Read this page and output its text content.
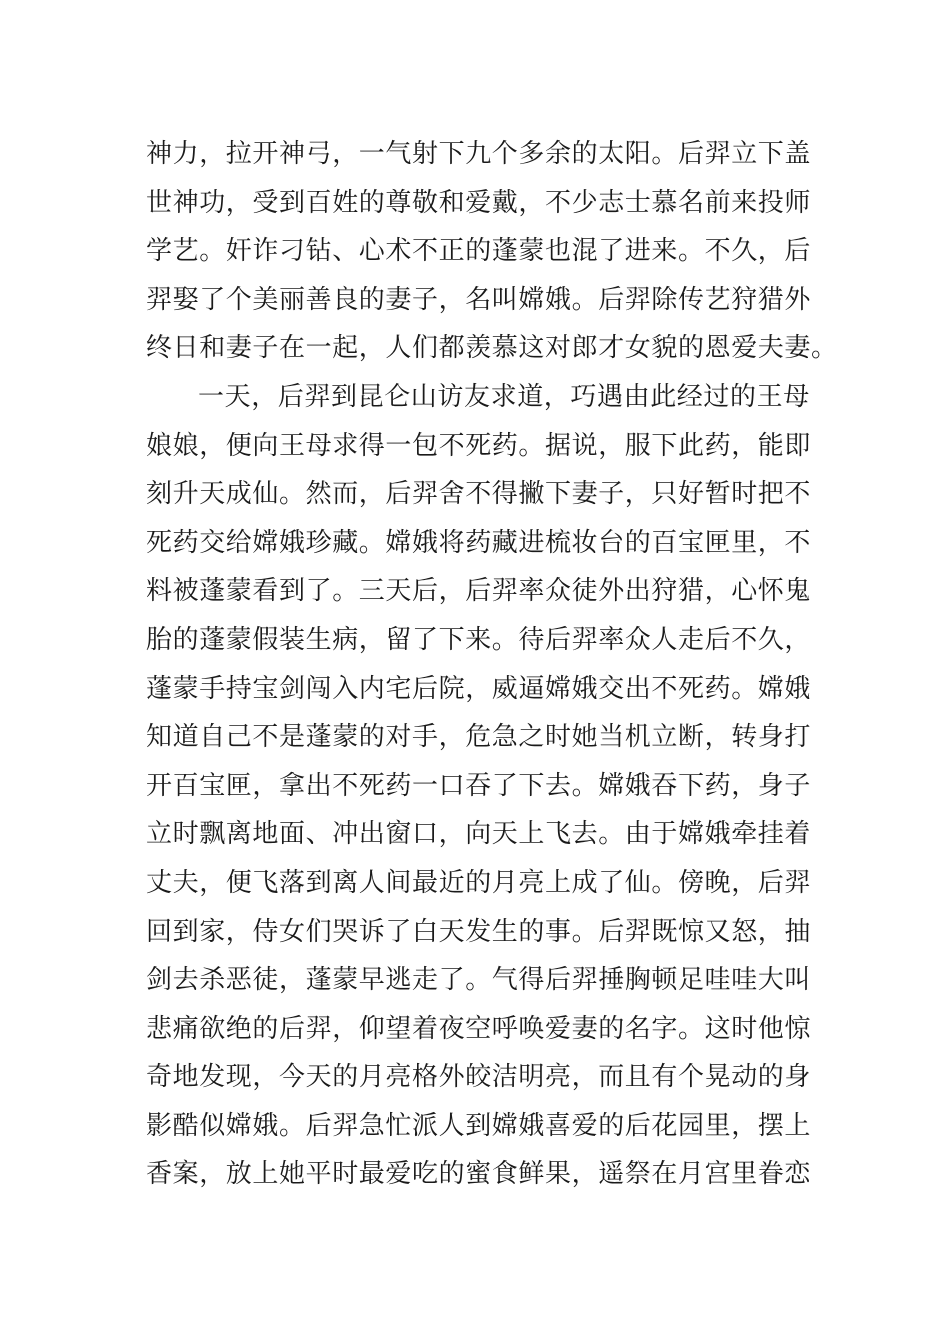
神力，拉开神弓，一气射下九个多余的太阳。后羿立下盖
世神功，受到百姓的尊敬和爱戴，不少志士慕名前来投师
学艺。奸诈刁钻、心术不正的蓬蒙也混了进来。不久，后
羿娶了个美丽善良的妻子，名叫嫦娥。后羿除传艺狩猎外
终日和妻子在一起，人们都羡慕这对郎才女貌的恩爱夫妻。
一天，后羿到昆仑山访友求道，巧遇由此经过的王母
娘娘，便向王母求得一包不死药。据说，服下此药，能即
刻升天成仙。然而，后羿舍不得撇下妻子，只好暂时把不
死药交给嫦娥珍藏。嫦娥将药藏进梳妆台的百宝匣里，不
料被蓬蒙看到了。三天后，后羿率众徒外出狩猎，心怀鬼
胎的蓬蒙假装生病，留了下来。待后羿率众人走后不久，
蓬蒙手持宝剑闯入内宅后院，威逼嫦娥交出不死药。嫦娥
知道自己不是蓬蒙的对手，危急之时她当机立断，转身打
开百宝匣，拿出不死药一口吞了下去。嫦娥吞下药，身子
立时飘离地面、冲出窗口，向天上飞去。由于嫦娥牵挂着
丈夫，便飞落到离人间最近的月亮上成了仙。傍晚，后羿
回到家，侍女们哭诉了白天发生的事。后羿既惊又怒，抽
剑去杀恶徒，蓬蒙早逃走了。气得后羿捶胸顿足哇哇大叫
悲痛欲绝的后羿，仰望着夜空呼唤爱妻的名字。这时他惊
奇地发现，今天的月亮格外皎洁明亮，而且有个晃动的身
影酷似嫦娥。后羿急忙派人到嫦娥喜爱的后花园里，摆上
香案，放上她平时最爱吃的蜜食鲜果，遥祭在月宫里眷恋
